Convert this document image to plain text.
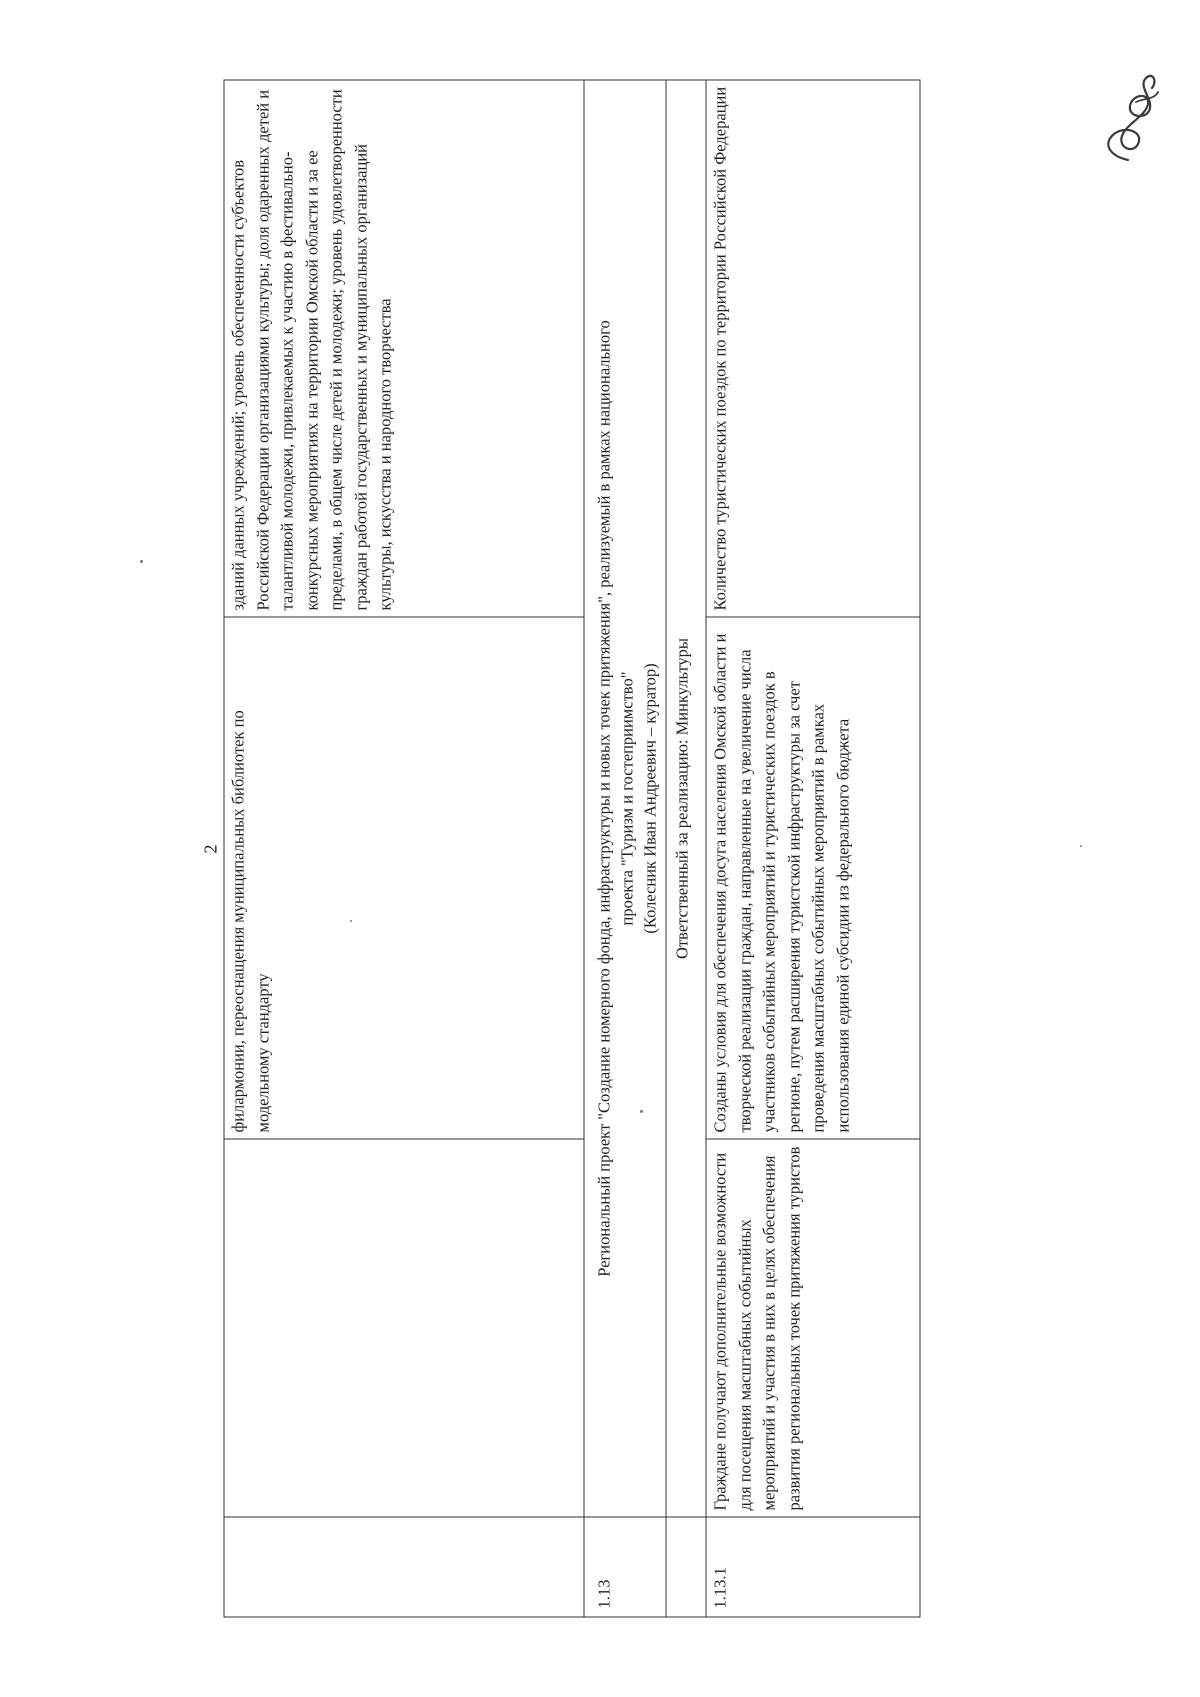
2
		филармонии, переоснащения муниципальных библиотек по модельному стандарту	зданий данных учреждений; уровень обеспеченности субъектов Российской Федерации организациями культуры; доля одаренных детей и талантливой молодежи, привлекаемых к участию в фестивально-конкурсных мероприятиях на территории Омской области и за ее пределами, в общем числе детей и молодежи; уровень удовлетворенности граждан работой государственных и муниципальных организаций культуры, искусства и народного творчества
1.13	Региональный проект "Создание номерного фонда, инфраструктуры и новых точек притяжения", реализуемый в рамках национального проекта "Туризм и гостеприимство" (Колесник Иван Андреевич – куратор)		

	Ответственный за реализацию: Минкультуры		
1.13.1	Граждане получают дополнительные возможности для посещения масштабных событийных мероприятий и участия в них в целях обеспечения развития региональных точек притяжения туристов	Созданы условия для обеспечения досуга населения Омской области и творческой реализации граждан, направленные на увеличение числа участников событийных мероприятий и туристических поездок в регионе, путем расширения туристской инфраструктуры за счет проведения масштабных событийных мероприятий в рамках использования единой субсидии из федерального бюджета	Количество туристических поездок по территории Российской Федерации
